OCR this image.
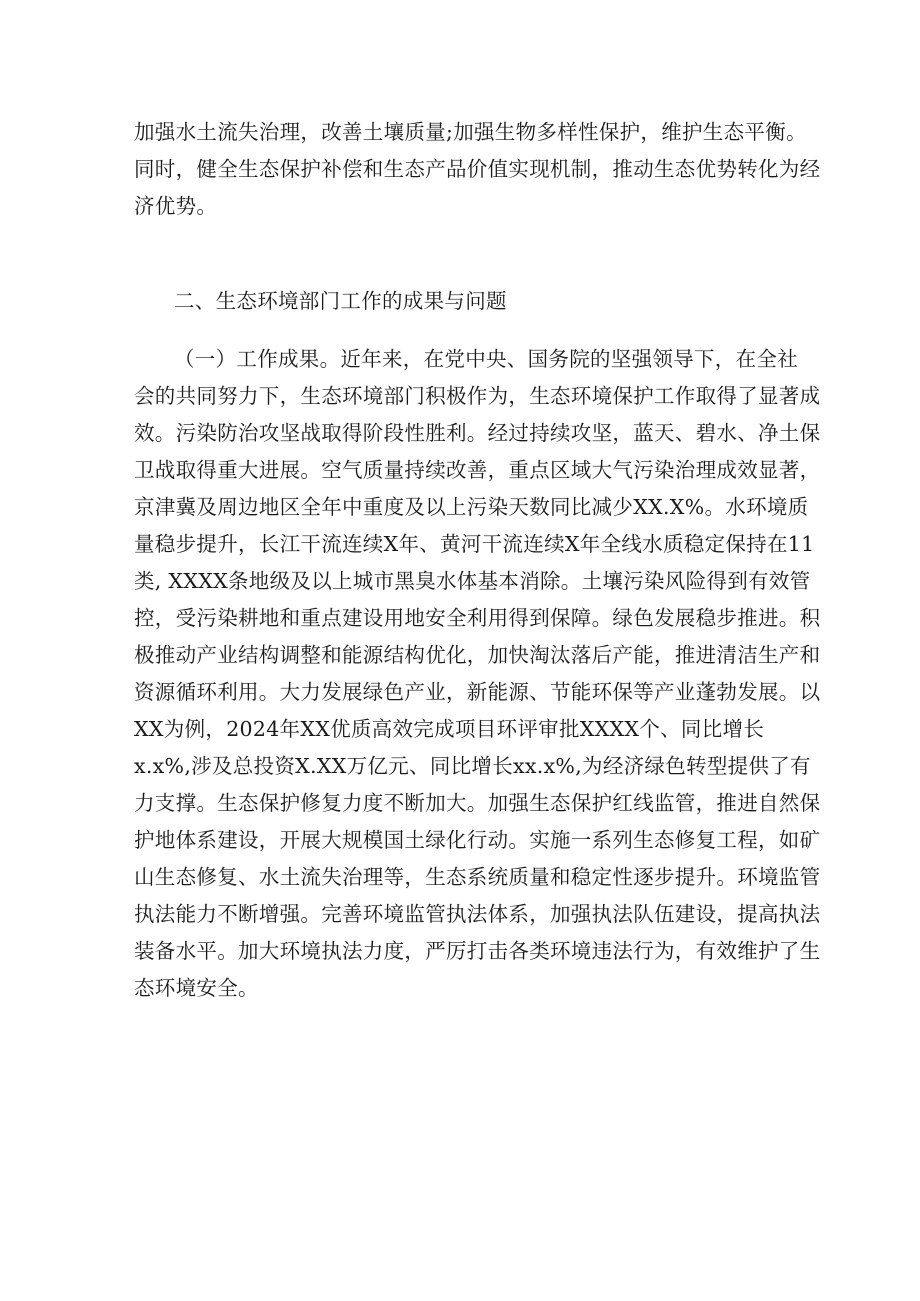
加强水土流失治理，改善土壤质量;加强生物多样性保护，维护生态平衡。
同时，健全生态保护补偿和生态产品价值实现机制，推动生态优势转化为经
济优势。
二、生态环境部门工作的成果与问题
（一）工作成果。近年来，在党中央、国务院的坚强领导下，在全社
会的共同努力下，生态环境部门积极作为，生态环境保护工作取得了显著成
效。污染防治攻坚战取得阶段性胜利。经过持续攻坚，蓝天、碧水、净土保
卫战取得重大进展。空气质量持续改善，重点区域大气污染治理成效显著，
京津冀及周边地区全年中重度及以上污染天数同比减少XX.X%。水环境质
量稳步提升，长江干流连续X年、黄河干流连续X年全线水质稳定保持在11
类, XXXX条地级及以上城市黑臭水体基本消除。土壤污染风险得到有效管
控，受污染耕地和重点建设用地安全利用得到保障。绿色发展稳步推进。积
极推动产业结构调整和能源结构优化，加快淘汰落后产能，推进清洁生产和
资源循环利用。大力发展绿色产业，新能源、节能环保等产业蓬勃发展。以
XX为例，2024年XX优质高效完成项目环评审批XXXX个、同比增长
x.x%,涉及总投资X.XX万亿元、同比增长xx.x%,为经济绿色转型提供了有
力支撑。生态保护修复力度不断加大。加强生态保护红线监管，推进自然保
护地体系建设，开展大规模国土绿化行动。实施一系列生态修复工程，如矿
山生态修复、水土流失治理等，生态系统质量和稳定性逐步提升。环境监管
执法能力不断增强。完善环境监管执法体系，加强执法队伍建设，提高执法
装备水平。加大环境执法力度，严厉打击各类环境违法行为，有效维护了生
态环境安全。
